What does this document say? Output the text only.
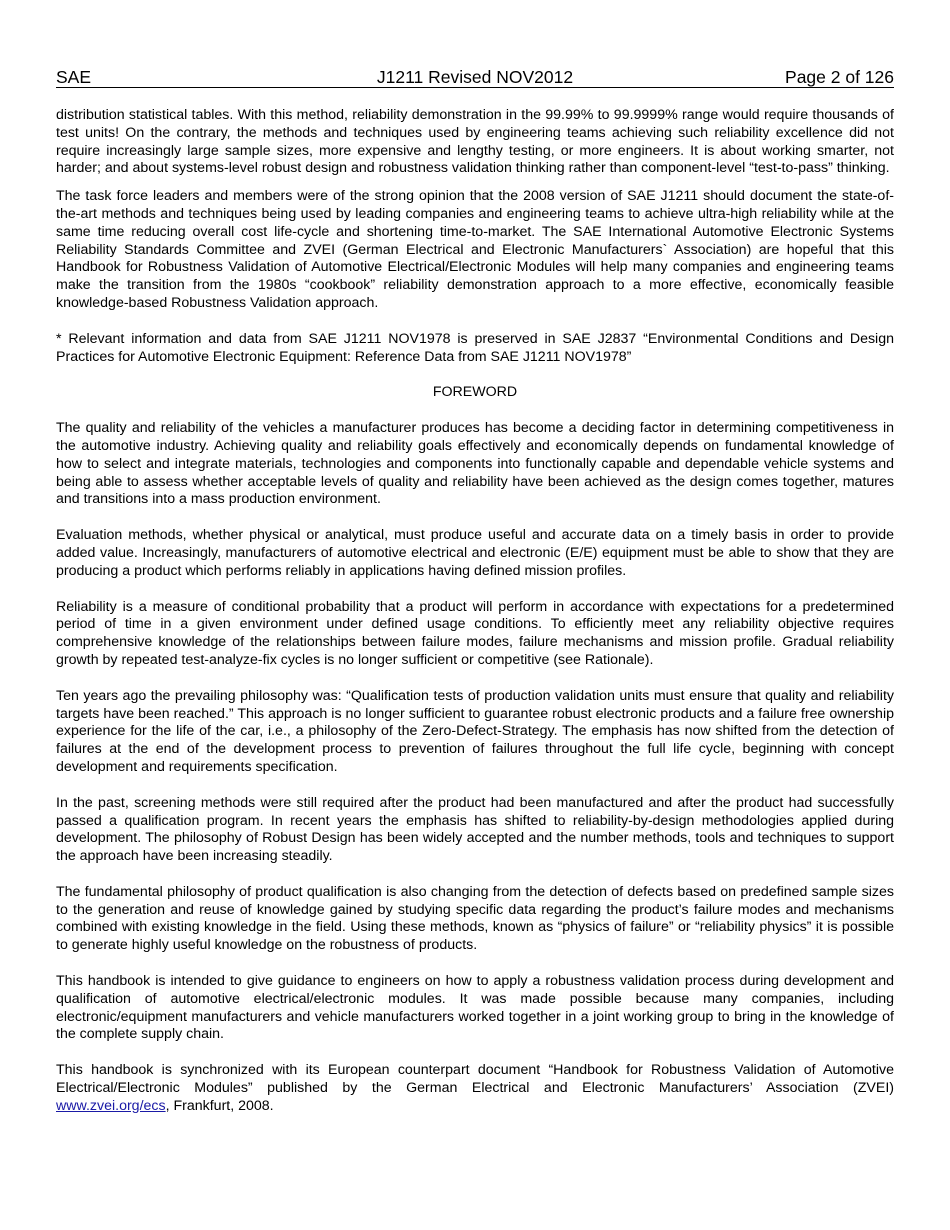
SAE	J1211 Revised NOV2012	Page 2 of 126

distribution statistical tables. With this method, reliability demonstration in the 99.99% to 99.9999% range would require thousands of test units! On the contrary, the methods and techniques used by engineering teams achieving such reliability excellence did not require increasingly large sample sizes, more expensive and lengthy testing, or more engineers. It is about working smarter, not harder; and about systems-level robust design and robustness validation thinking rather than component-level “test-to-pass” thinking.

The task force leaders and members were of the strong opinion that the 2008 version of SAE J1211 should document the state-of-the-art methods and techniques being used by leading companies and engineering teams to achieve ultra-high reliability while at the same time reducing overall cost life-cycle and shortening time-to-market. The SAE International Automotive Electronic Systems Reliability Standards Committee and ZVEI (German Electrical and Electronic Manufacturers` Association) are hopeful that this Handbook for Robustness Validation of Automotive Electrical/Electronic Modules will help many companies and engineering teams make the transition from the 1980s “cookbook” reliability demonstration approach to a more effective, economically feasible knowledge-based Robustness Validation approach.

* Relevant information and data from SAE J1211 NOV1978 is preserved in SAE J2837 “Environmental Conditions and Design Practices for Automotive Electronic Equipment: Reference Data from SAE J1211 NOV1978”

FOREWORD

The quality and reliability of the vehicles a manufacturer produces has become a deciding factor in determining competitiveness in the automotive industry. Achieving quality and reliability goals effectively and economically depends on fundamental knowledge of how to select and integrate materials, technologies and components into functionally capable and dependable vehicle systems and being able to assess whether acceptable levels of quality and reliability have been achieved as the design comes together, matures and transitions into a mass production environment.

Evaluation methods, whether physical or analytical, must produce useful and accurate data on a timely basis in order to provide added value. Increasingly, manufacturers of automotive electrical and electronic (E/E) equipment must be able to show that they are producing a product which performs reliably in applications having defined mission profiles.

Reliability is a measure of conditional probability that a product will perform in accordance with expectations for a predetermined period of time in a given environment under defined usage conditions. To efficiently meet any reliability objective requires comprehensive knowledge of the relationships between failure modes, failure mechanisms and mission profile. Gradual reliability growth by repeated test-analyze-fix cycles is no longer sufficient or competitive (see Rationale).

Ten years ago the prevailing philosophy was: “Qualification tests of production validation units must ensure that quality and reliability targets have been reached.” This approach is no longer sufficient to guarantee robust electronic products and a failure free ownership experience for the life of the car, i.e., a philosophy of the Zero-Defect-Strategy. The emphasis has now shifted from the detection of failures at the end of the development process to prevention of failures throughout the full life cycle, beginning with concept development and requirements specification.

In the past, screening methods were still required after the product had been manufactured and after the product had successfully passed a qualification program. In recent years the emphasis has shifted to reliability-by-design methodologies applied during development. The philosophy of Robust Design has been widely accepted and the number methods, tools and techniques to support the approach have been increasing steadily.

The fundamental philosophy of product qualification is also changing from the detection of defects based on predefined sample sizes to the generation and reuse of knowledge gained by studying specific data regarding the product’s failure modes and mechanisms combined with existing knowledge in the field. Using these methods, known as “physics of failure” or “reliability physics” it is possible to generate highly useful knowledge on the robustness of products.

This handbook is intended to give guidance to engineers on how to apply a robustness validation process during development and qualification of automotive electrical/electronic modules. It was made possible because many companies, including electronic/equipment manufacturers and vehicle manufacturers worked together in a joint working group to bring in the knowledge of the complete supply chain.

This handbook is synchronized with its European counterpart document “Handbook for Robustness Validation of Automotive Electrical/Electronic Modules” published by the German Electrical and Electronic Manufacturers’ Association (ZVEI) www.zvei.org/ecs, Frankfurt, 2008.
